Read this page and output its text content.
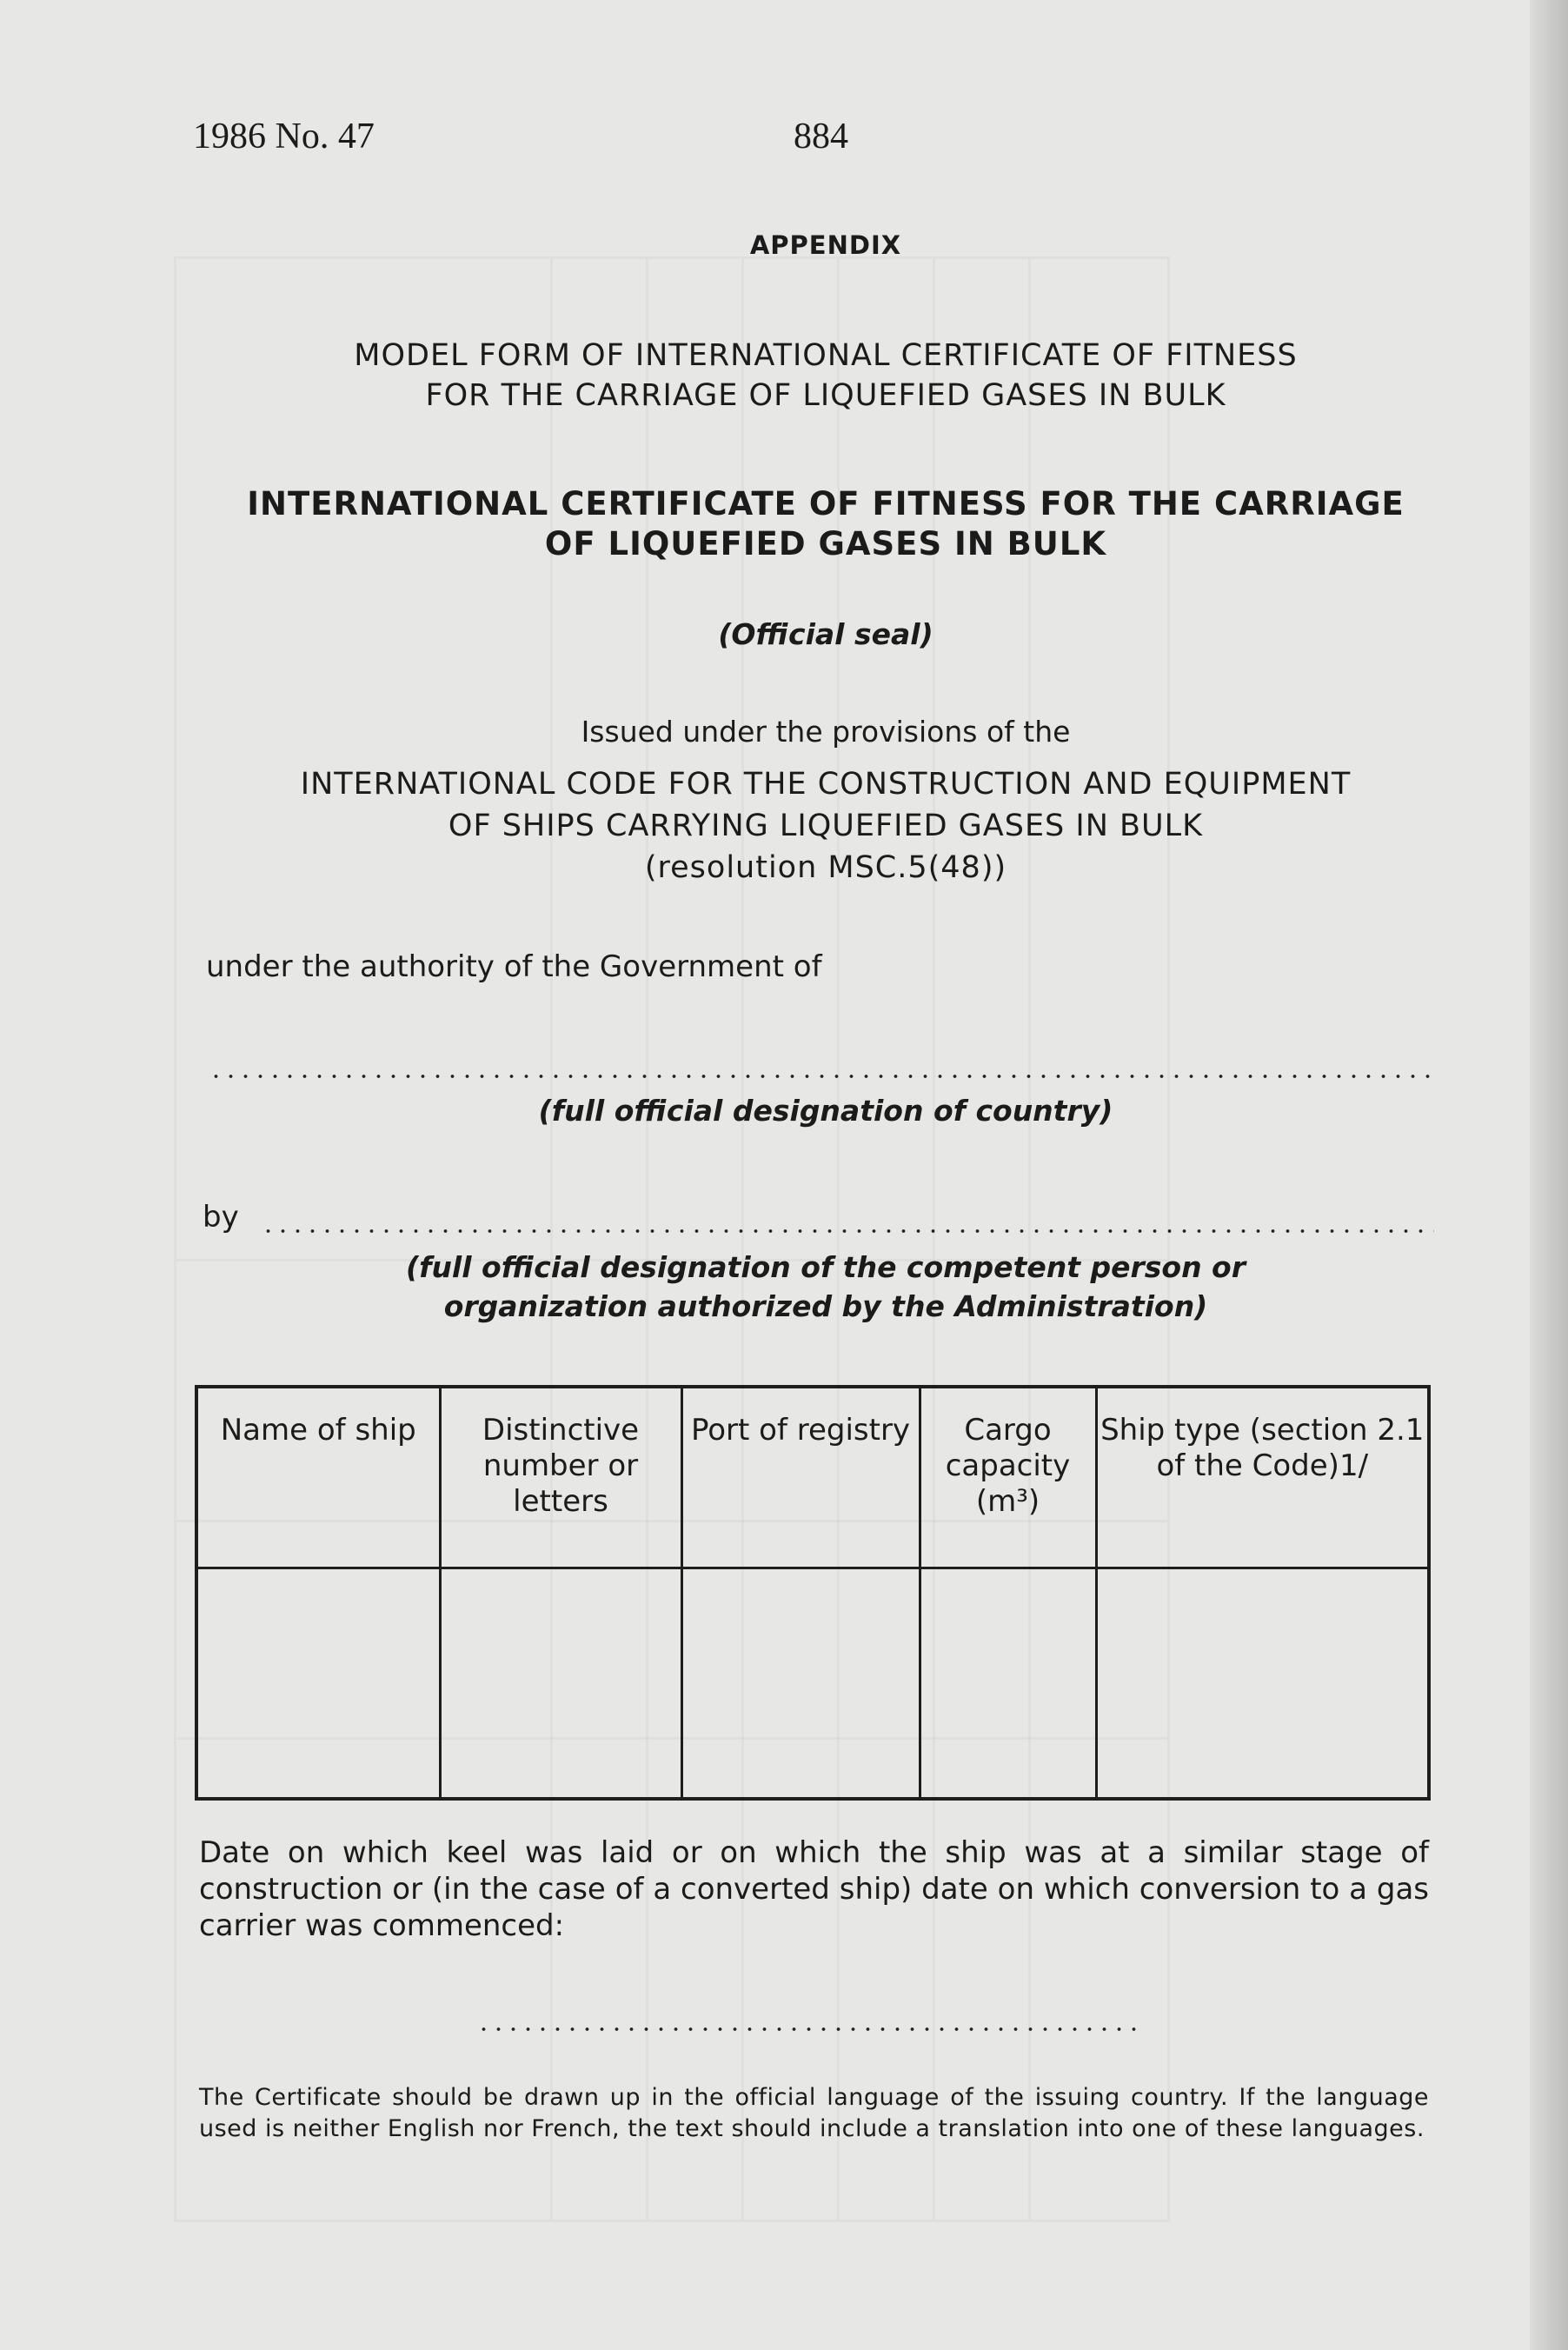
1986 No. 47	884
APPENDIX
MODEL FORM OF INTERNATIONAL CERTIFICATE OF FITNESS
FOR THE CARRIAGE OF LIQUEFIED GASES IN BULK
INTERNATIONAL CERTIFICATE OF FITNESS FOR THE CARRIAGE
OF LIQUEFIED GASES IN BULK
(Official seal)
Issued under the provisions of the
INTERNATIONAL CODE FOR THE CONSTRUCTION AND EQUIPMENT
OF SHIPS CARRYING LIQUEFIED GASES IN BULK
(resolution MSC.5(48))
under the authority of the Government of
(full official designation of country)
by
(full official designation of the competent person or
organization authorized by the Administration)
Name of ship	Distinctive number or letters	Port of registry	Cargo capacity (m³)	Ship type (section 2.1 of the Code)1/

Date on which keel was laid or on which the ship was at a similar stage of construction or (in the case of a converted ship) date on which conversion to a gas carrier was commenced:
The Certificate should be drawn up in the official language of the issuing country. If the language used is neither English nor French, the text should include a translation into one of these languages.
